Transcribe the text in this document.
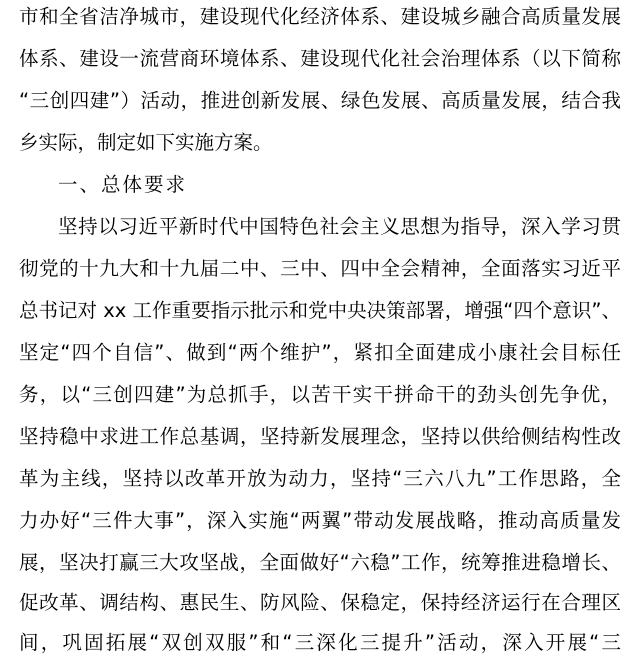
市和全省洁净城市，建设现代化经济体系、建设城乡融合高质量发展
体系、建设一流营商环境体系、建设现代化社会治理体系（以下简称
“三创四建”）活动，推进创新发展、绿色发展、高质量发展，结合我
乡实际，制定如下实施方案。
一、总体要求
坚持以习近平新时代中国特色社会主义思想为指导，深入学习贯
彻党的十九大和十九届二中、三中、四中全会精神，全面落实习近平
总书记对 xx 工作重要指示批示和党中央决策部署，增强“四个意识”、
坚定“四个自信”、做到“两个维护”，紧扣全面建成小康社会目标任
务，以“三创四建”为总抓手，以苦干实干拼命干的劲头创先争优，
坚持稳中求进工作总基调，坚持新发展理念，坚持以供给侧结构性改
革为主线，坚持以改革开放为动力，坚持“三六八九”工作思路，全
力办好“三件大事”，深入实施“两翼”带动发展战略，推动高质量发
展，坚决打赢三大攻坚战，全面做好“六稳”工作，统筹推进稳增长、
促改革、调结构、惠民生、防风险、保稳定，保持经济运行在合理区
间，巩固拓展“双创双服”和“三深化三提升”活动，深入开展“三
